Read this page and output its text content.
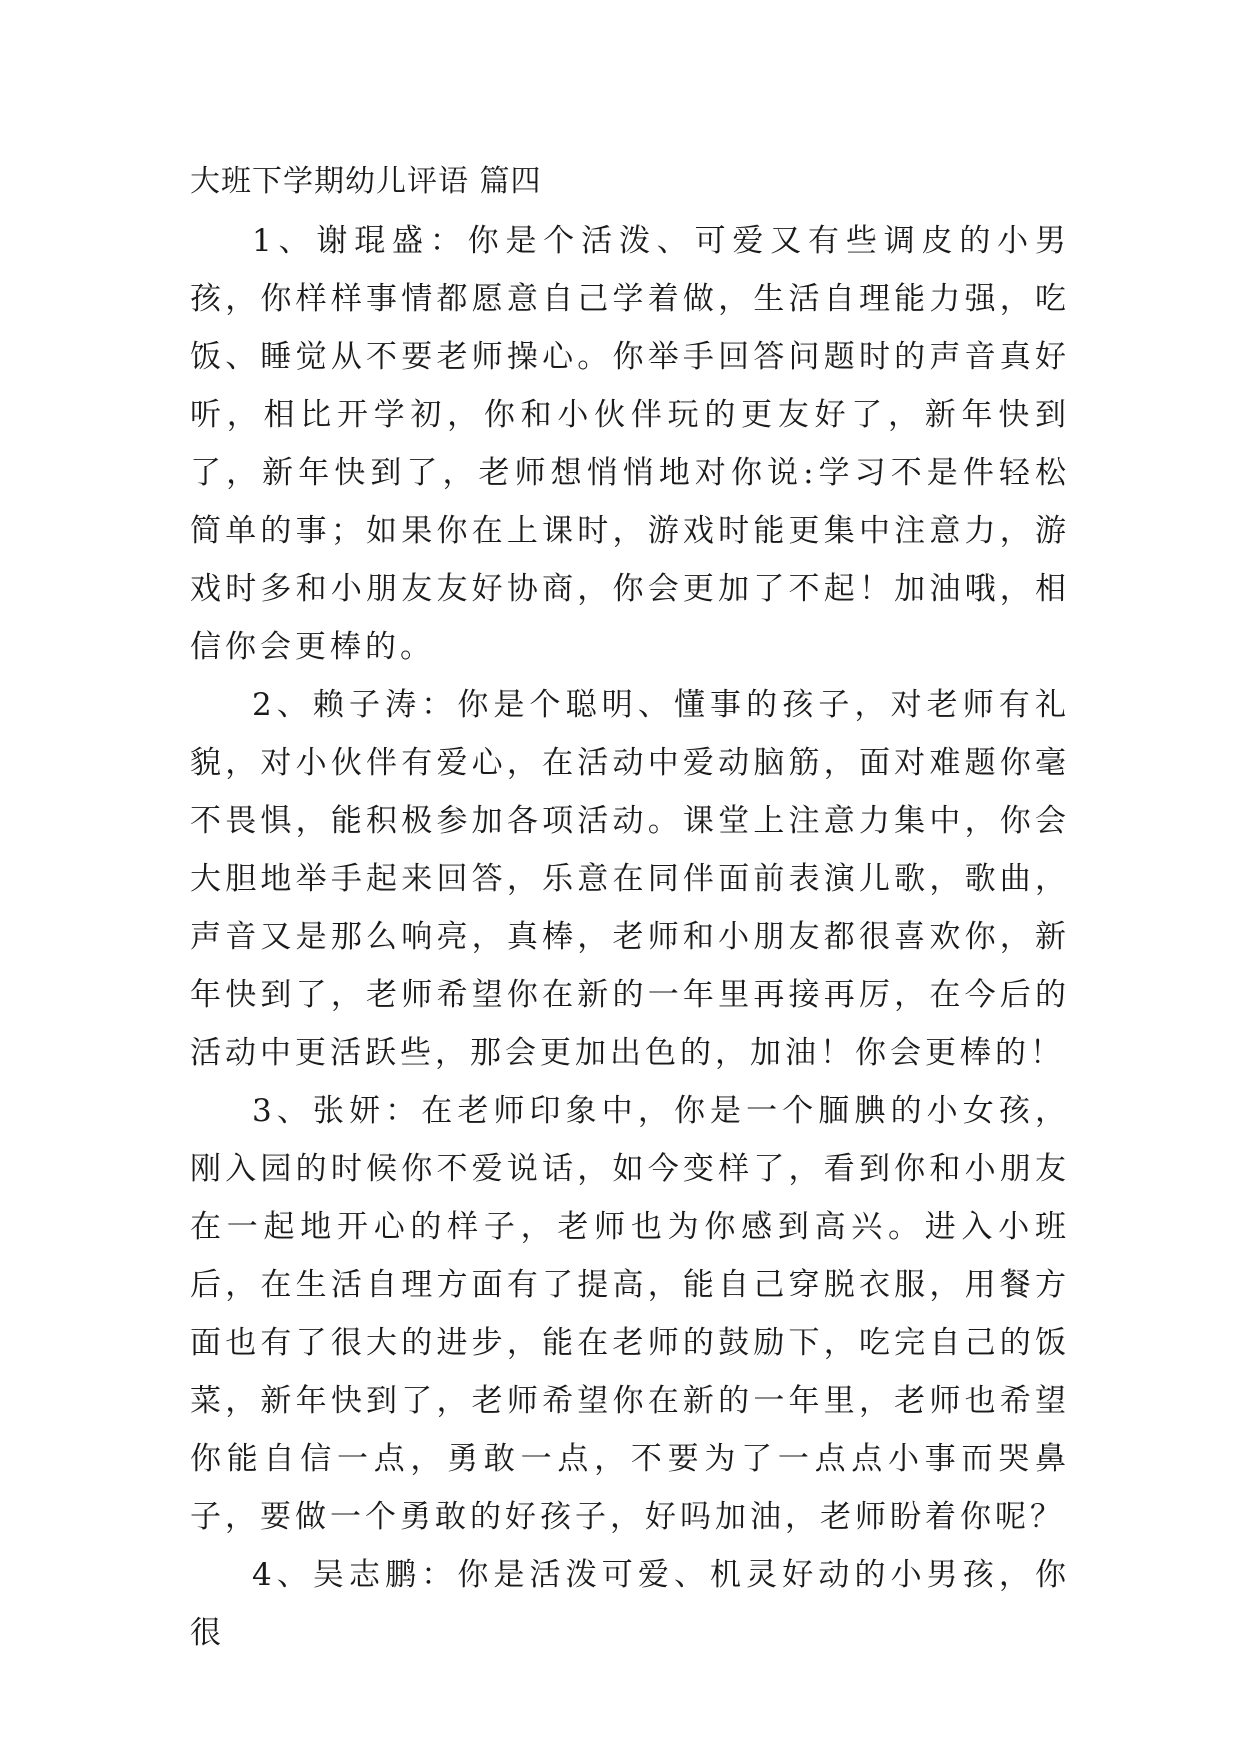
大班下学期幼儿评语 篇四

1、谢琨盛：你是个活泼、可爱又有些调皮的小男孩，你样样事情都愿意自己学着做，生活自理能力强，吃饭、睡觉从不要老师操心。你举手回答问题时的声音真好听，相比开学初，你和小伙伴玩的更友好了，新年快到了，新年快到了，老师想悄悄地对你说:学习不是件轻松简单的事；如果你在上课时，游戏时能更集中注意力，游戏时多和小朋友友好协商，你会更加了不起！加油哦，相信你会更棒的。

2、赖子涛：你是个聪明、懂事的孩子，对老师有礼貌，对小伙伴有爱心，在活动中爱动脑筋，面对难题你毫不畏惧，能积极参加各项活动。课堂上注意力集中，你会大胆地举手起来回答，乐意在同伴面前表演儿歌，歌曲，声音又是那么响亮，真棒，老师和小朋友都很喜欢你，新年快到了，老师希望你在新的一年里再接再厉，在今后的活动中更活跃些，那会更加出色的，加油！你会更棒的！

3、张妍：在老师印象中，你是一个腼腆的小女孩，刚入园的时候你不爱说话，如今变样了，看到你和小朋友在一起地开心的样子，老师也为你感到高兴。进入小班后，在生活自理方面有了提高，能自己穿脱衣服，用餐方面也有了很大的进步，能在老师的鼓励下，吃完自己的饭菜，新年快到了，老师希望你在新的一年里，老师也希望你能自信一点，勇敢一点，不要为了一点点小事而哭鼻子，要做一个勇敢的好孩子，好吗加油，老师盼着你呢？

4、吴志鹏：你是活泼可爱、机灵好动的小男孩，你很
